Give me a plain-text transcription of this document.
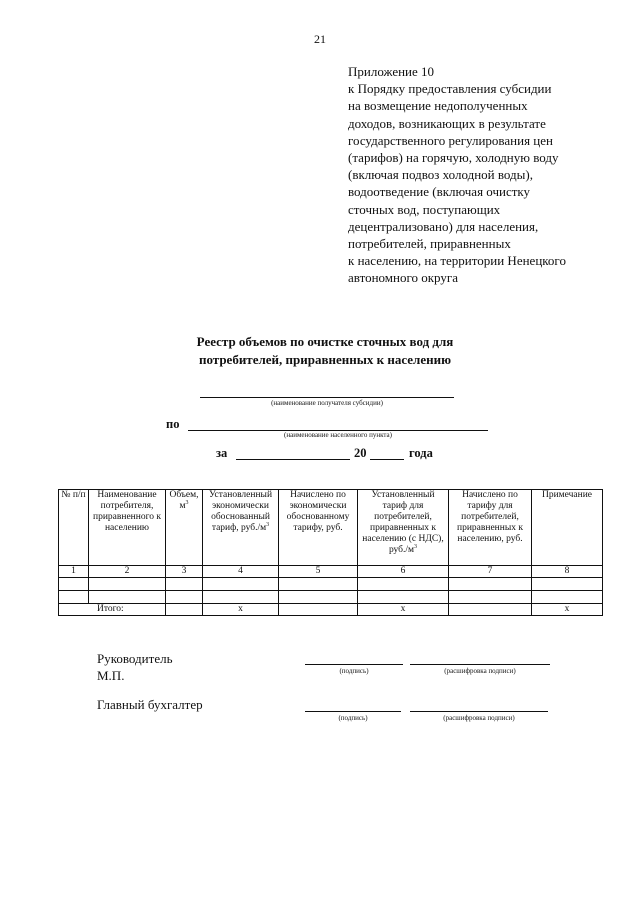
21
Приложение 10
к Порядку предоставления субсидии
на возмещение недополученных
доходов, возникающих в результате
государственного регулирования цен
(тарифов) на горячую, холодную воду
(включая подвоз холодной воды),
водоотведение (включая очистку
сточных вод, поступающих
децентрализовано) для населения,
потребителей, приравненных
к населению, на территории Ненецкого
автономного округа
Реестр объемов по очистке сточных вод для
потребителей, приравненных к населению
(наименование получателя субсидии)
по
(наименование населенного пункта)
за	20	года
№ п/п	Наименование потребителя, приравненного к населению	Объем, $м^3$	Установленный экономически обоснованный тариф, $руб./м^3$	Начислено по экономически обоснованному тарифу, руб.	Установленный тариф для потребителей, приравненных к населению (с НДС), $руб./м^3$	Начислено по тарифу для потребителей, приравненных к населению, руб.	Примечание
1	2	3	4	5	6	7	8

Итого:			х		х		х
Руководитель
М.П.	(подпись)	(расшифровка подписи)
Главный бухгалтер
(подпись)	(расшифровка подписи)
